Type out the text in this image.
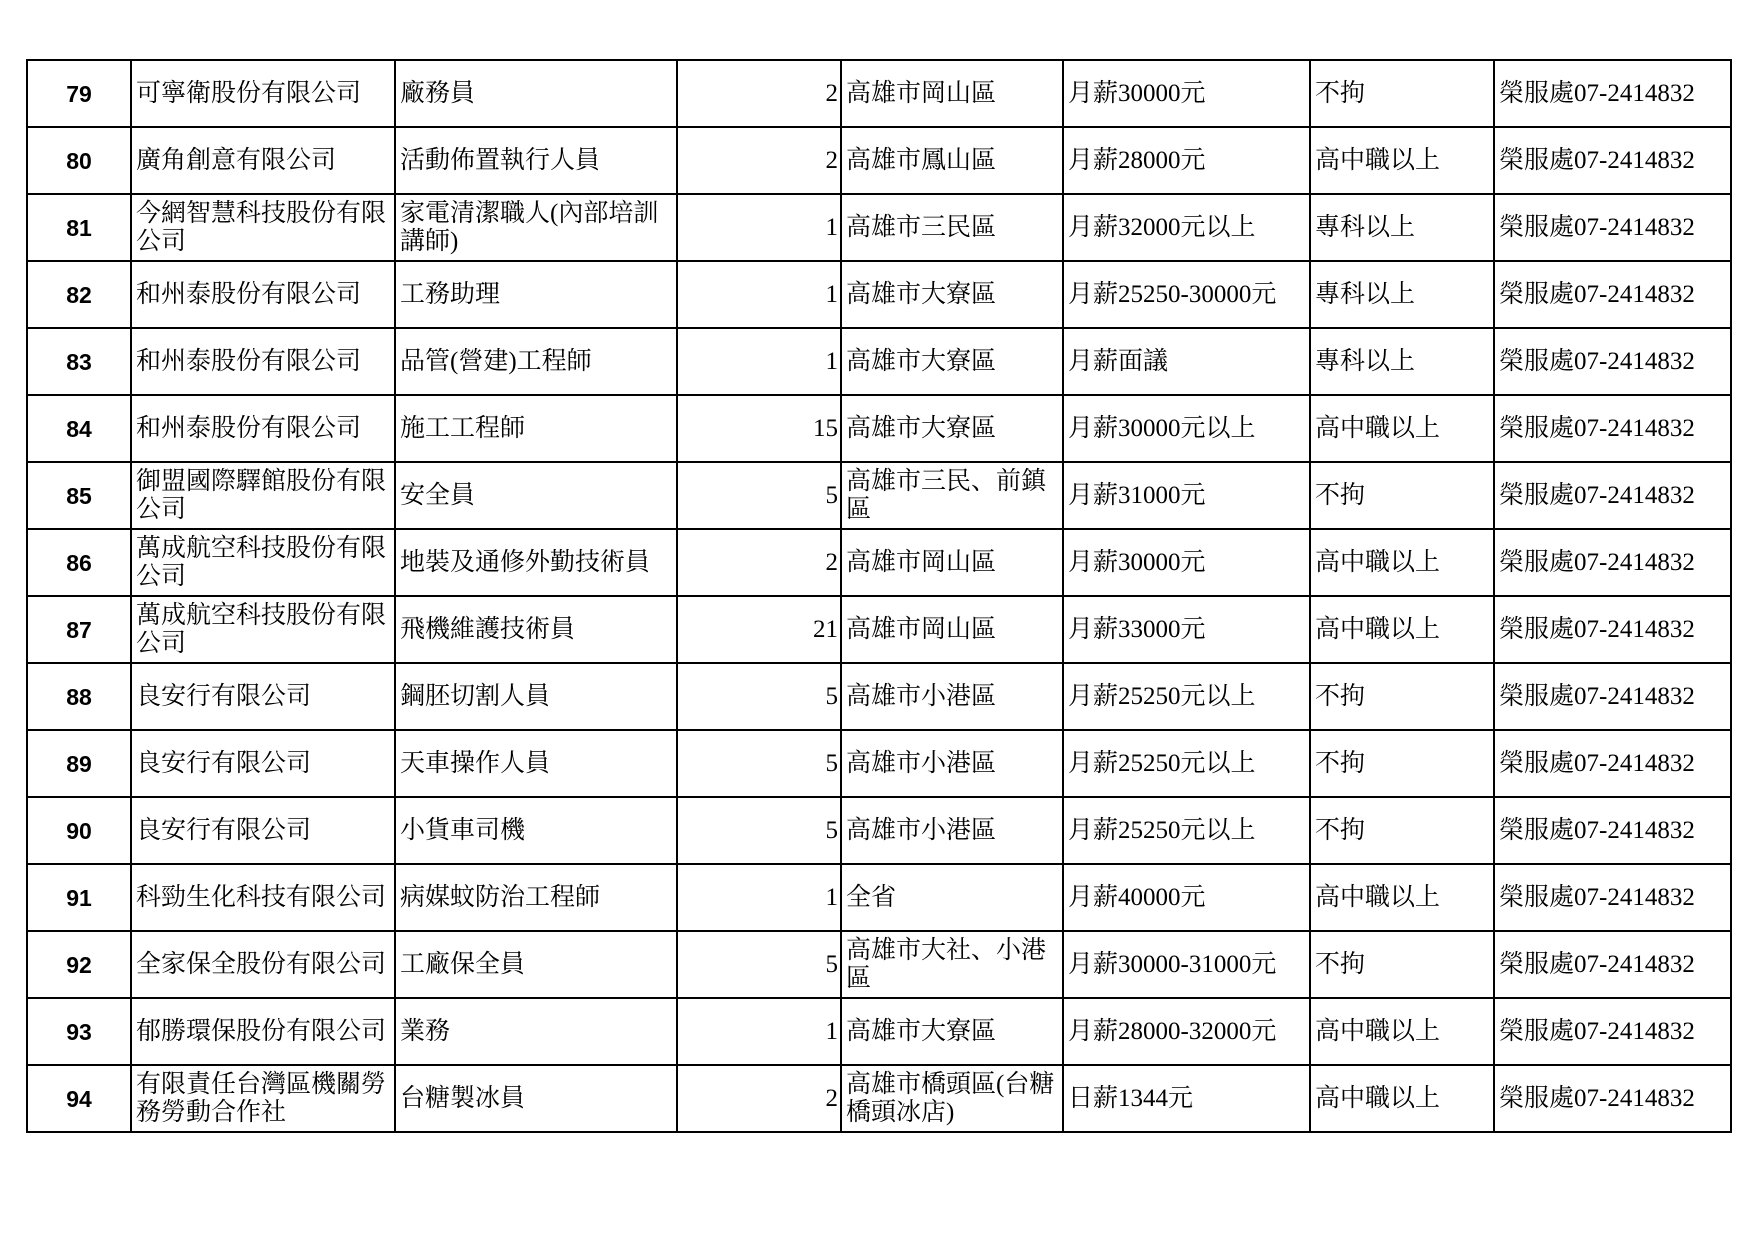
79	可寧衛股份有限公司	廠務員	2	高雄市岡山區	月薪30000元	不拘	榮服處07-2414832
80	廣角創意有限公司	活動佈置執行人員	2	高雄市鳳山區	月薪28000元	高中職以上	榮服處07-2414832
81	今網智慧科技股份有限公司	家電清潔職人(內部培訓講師)	1	高雄市三民區	月薪32000元以上	專科以上	榮服處07-2414832
82	和州泰股份有限公司	工務助理	1	高雄市大寮區	月薪25250-30000元	專科以上	榮服處07-2414832
83	和州泰股份有限公司	品管(營建)工程師	1	高雄市大寮區	月薪面議	專科以上	榮服處07-2414832
84	和州泰股份有限公司	施工工程師	15	高雄市大寮區	月薪30000元以上	高中職以上	榮服處07-2414832
85	御盟國際驛館股份有限公司	安全員	5	高雄市三民、前鎮區	月薪31000元	不拘	榮服處07-2414832
86	萬成航空科技股份有限公司	地裝及通修外勤技術員	2	高雄市岡山區	月薪30000元	高中職以上	榮服處07-2414832
87	萬成航空科技股份有限公司	飛機維護技術員	21	高雄市岡山區	月薪33000元	高中職以上	榮服處07-2414832
88	良安行有限公司	鋼胚切割人員	5	高雄市小港區	月薪25250元以上	不拘	榮服處07-2414832
89	良安行有限公司	天車操作人員	5	高雄市小港區	月薪25250元以上	不拘	榮服處07-2414832
90	良安行有限公司	小貨車司機	5	高雄市小港區	月薪25250元以上	不拘	榮服處07-2414832
91	科勁生化科技有限公司	病媒蚊防治工程師	1	全省	月薪40000元	高中職以上	榮服處07-2414832
92	全家保全股份有限公司	工廠保全員	5	高雄市大社、小港區	月薪30000-31000元	不拘	榮服處07-2414832
93	郁勝環保股份有限公司	業務	1	高雄市大寮區	月薪28000-32000元	高中職以上	榮服處07-2414832
94	有限責任台灣區機關勞務勞動合作社	台糖製冰員	2	高雄市橋頭區(台糖橋頭冰店)	日薪1344元	高中職以上	榮服處07-2414832
